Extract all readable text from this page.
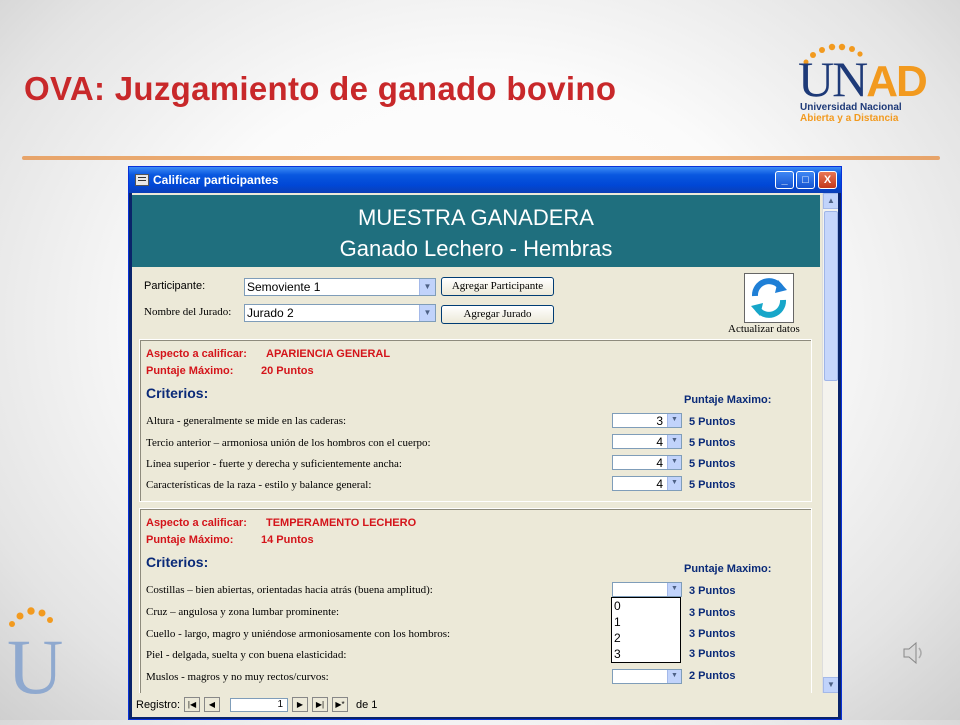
OVA: Juzgamiento de ganado bovino	UNAD
Universidad Nacional
Abierta y a Distancia
Calificar participantes	_	□	X
MUESTRA GANADERA
Ganado Lechero - Hembras
Participante:	Semoviente 1	▼	Agregar Participante
Nombre del Jurado: Jurado 2	▼	Agregar Jurado
Actualizar datos
Aspecto a calificar: APARIENCIA GENERAL
Puntaje Máximo:	20 Puntos
Criterios:	Puntaje Maximo:
Altura - generalmente se mide en las caderas:	3	▼ 5 Puntos
Tercio anterior – armoniosa unión de los hombros con el cuerpo:	4	▼ 5 Puntos
Línea superior - fuerte y derecha y suficientemente ancha:	4	▼ 5 Puntos
Características de la raza - estilo y balance general:	4	▼ 5 Puntos
Aspecto a calificar: TEMPERAMENTO LECHERO
Puntaje Máximo:	14 Puntos
Criterios:	Puntaje Maximo:
Costillas – bien abiertas, orientadas hacia atrás (buena amplitud):	▼ 3 Puntos
Cruz – angulosa y zona lumbar prominente:	3 Puntos
Cuello - largo, magro y uniéndose armoniosamente con los hombros:	3 Puntos
Piel - delgada, suelta y con buena elasticidad:	3 Puntos
Muslos - magros y no muy rectos/curvos:	▼ 2 Puntos
0
1
2
3
▲
▼
Registro: |◀	◀	1	▶	▶|	▶*	de 1
U
